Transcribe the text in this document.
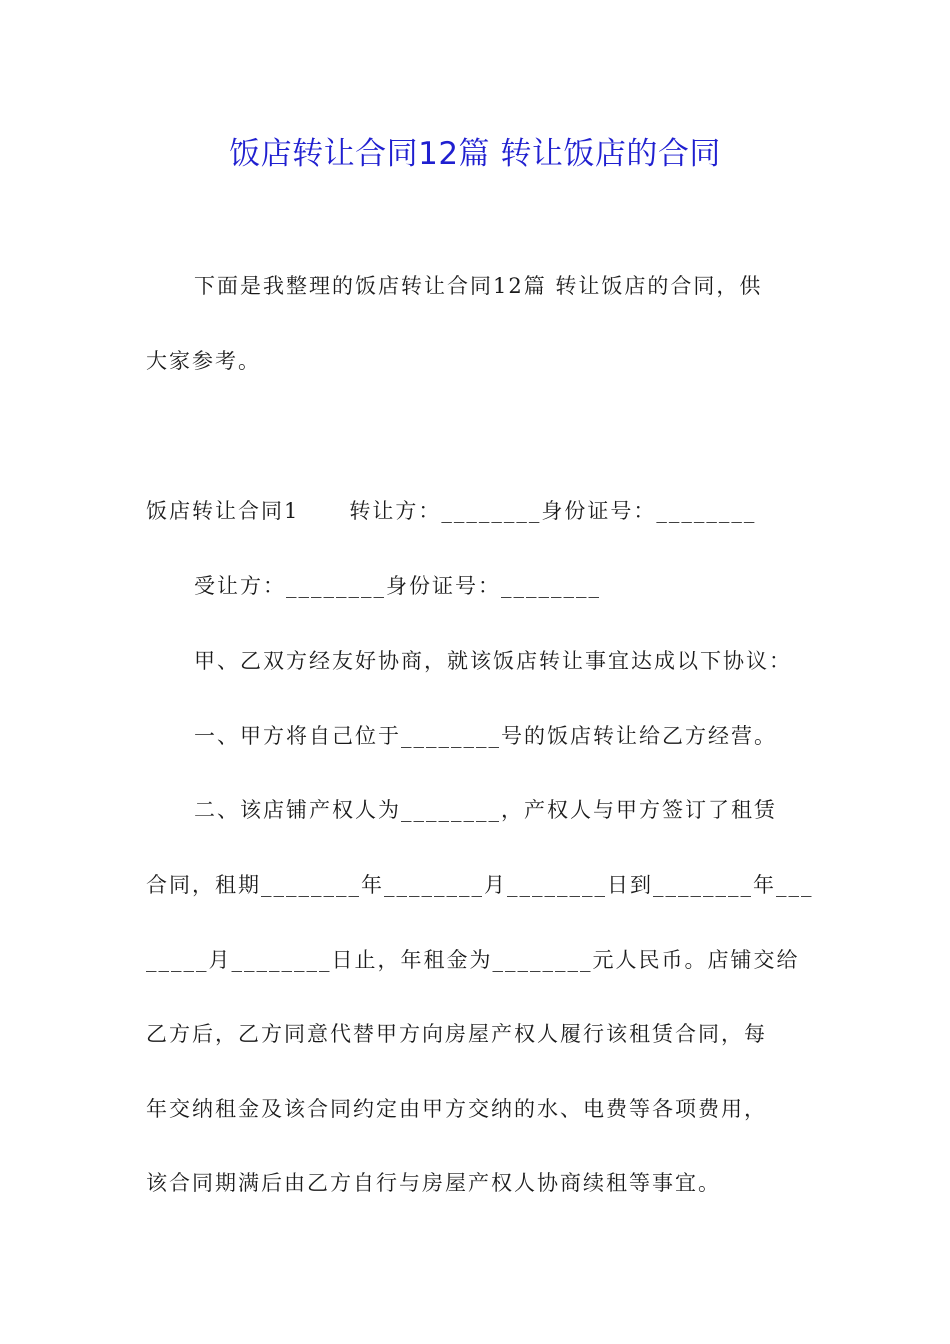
饭店转让合同12篇 转让饭店的合同

下面是我整理的饭店转让合同12篇 转让饭店的合同，供

大家参考。

饭店转让合同1 转让方：________身份证号：________

受让方：________身份证号：________

甲、乙双方经友好协商，就该饭店转让事宜达成以下协议：

一、甲方将自己位于________号的饭店转让给乙方经营。

二、该店铺产权人为________，产权人与甲方签订了租赁

合同，租期________年________月________日到________年___

_____月________日止，年租金为________元人民币。店铺交给

乙方后，乙方同意代替甲方向房屋产权人履行该租赁合同，每

年交纳租金及该合同约定由甲方交纳的水、电费等各项费用，

该合同期满后由乙方自行与房屋产权人协商续租等事宜。
